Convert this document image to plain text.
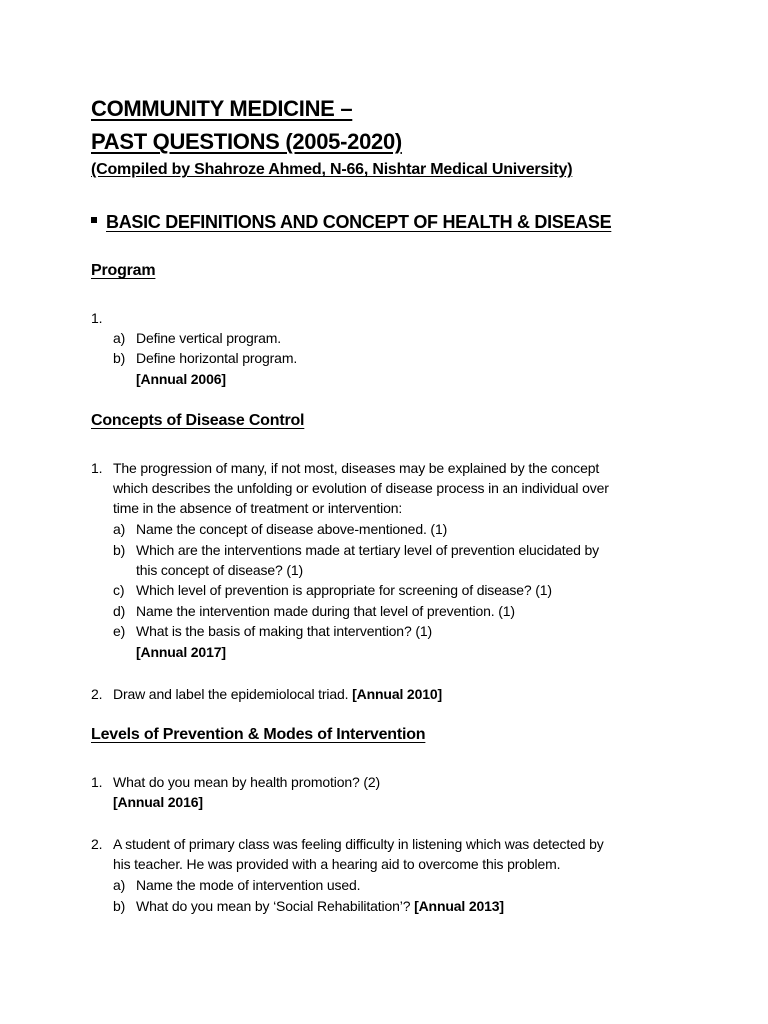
COMMUNITY MEDICINE –
PAST QUESTIONS (2005-2020)

(Compiled by Shahroze Ahmed, N-66, Nishtar Medical University)

BASIC DEFINITIONS AND CONCEPT OF HEALTH & DISEASE
Program

1.

a) Define vertical program.

b) Define horizontal program.

[Annual 2006]

Concepts of Disease Control

1. The progression of many, if not most, diseases may be explained by the concept

which describes the unfolding or evolution of disease process in an individual over

time in the absence of treatment or intervention:

a) Name the concept of disease above-mentioned. (1)

b) Which are the interventions made at tertiary level of prevention elucidated by

this concept of disease? (1)

c) Which level of prevention is appropriate for screening of disease? (1)

d) Name the intervention made during that level of prevention. (1)

e) What is the basis of making that intervention? (1)

[Annual 2017]

2. Draw and label the epidemiolocal triad. [Annual 2010]

Levels of Prevention & Modes of Intervention

1. What do you mean by health promotion? (2)

[Annual 2016]

2. A student of primary class was feeling difficulty in listening which was detected by

his teacher. He was provided with a hearing aid to overcome this problem.

a) Name the mode of intervention used.

b) What do you mean by ‘Social Rehabilitation’? [Annual 2013]
